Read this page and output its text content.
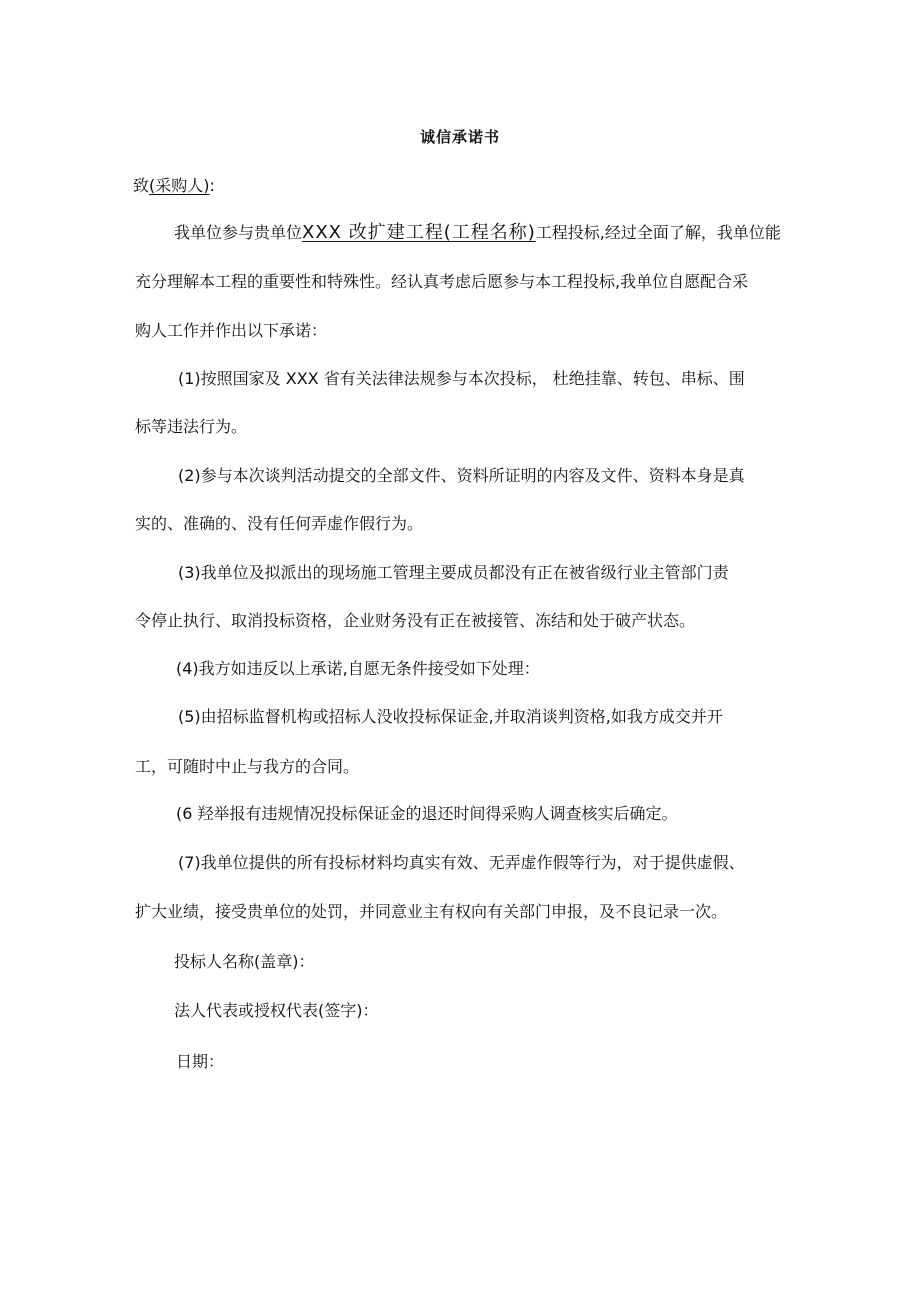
诚信承诺书
致(采购人):
我单位参与贵单位XXX 改扩建工程(工程名称)工程投标,经过全面了解，我单位能
充分理解本工程的重要性和特殊性。经认真考虑后愿参与本工程投标,我单位自愿配合采
购人工作并作出以下承诺：
(1)按照国家及 XXX 省有关法律法规参与本次投标， 杜绝挂靠、转包、串标、围
标等违法行为。
(2)参与本次谈判活动提交的全部文件、资料所证明的内容及文件、资料本身是真
实的、准确的、没有任何弄虚作假行为。
(3)我单位及拟派出的现场施工管理主要成员都没有正在被省级行业主管部门责
令停止执行、取消投标资格，企业财务没有正在被接管、冻结和处于破产状态。
(4)我方如违反以上承诺,自愿无条件接受如下处理：
(5)由招标监督机构或招标人没收投标保证金,并取消谈判资格,如我方成交并开
工，可随时中止与我方的合同。
(6 羟举报有违规情况投标保证金的退还时间得采购人调查核实后确定。
(7)我单位提供的所有投标材料均真实有效、无弄虚作假等行为，对于提供虚假、
扩大业绩，接受贵单位的处罚，并同意业主有权向有关部门申报，及不良记录一次。
投标人名称(盖章)：
法人代表或授权代表(签字)：
日期：
